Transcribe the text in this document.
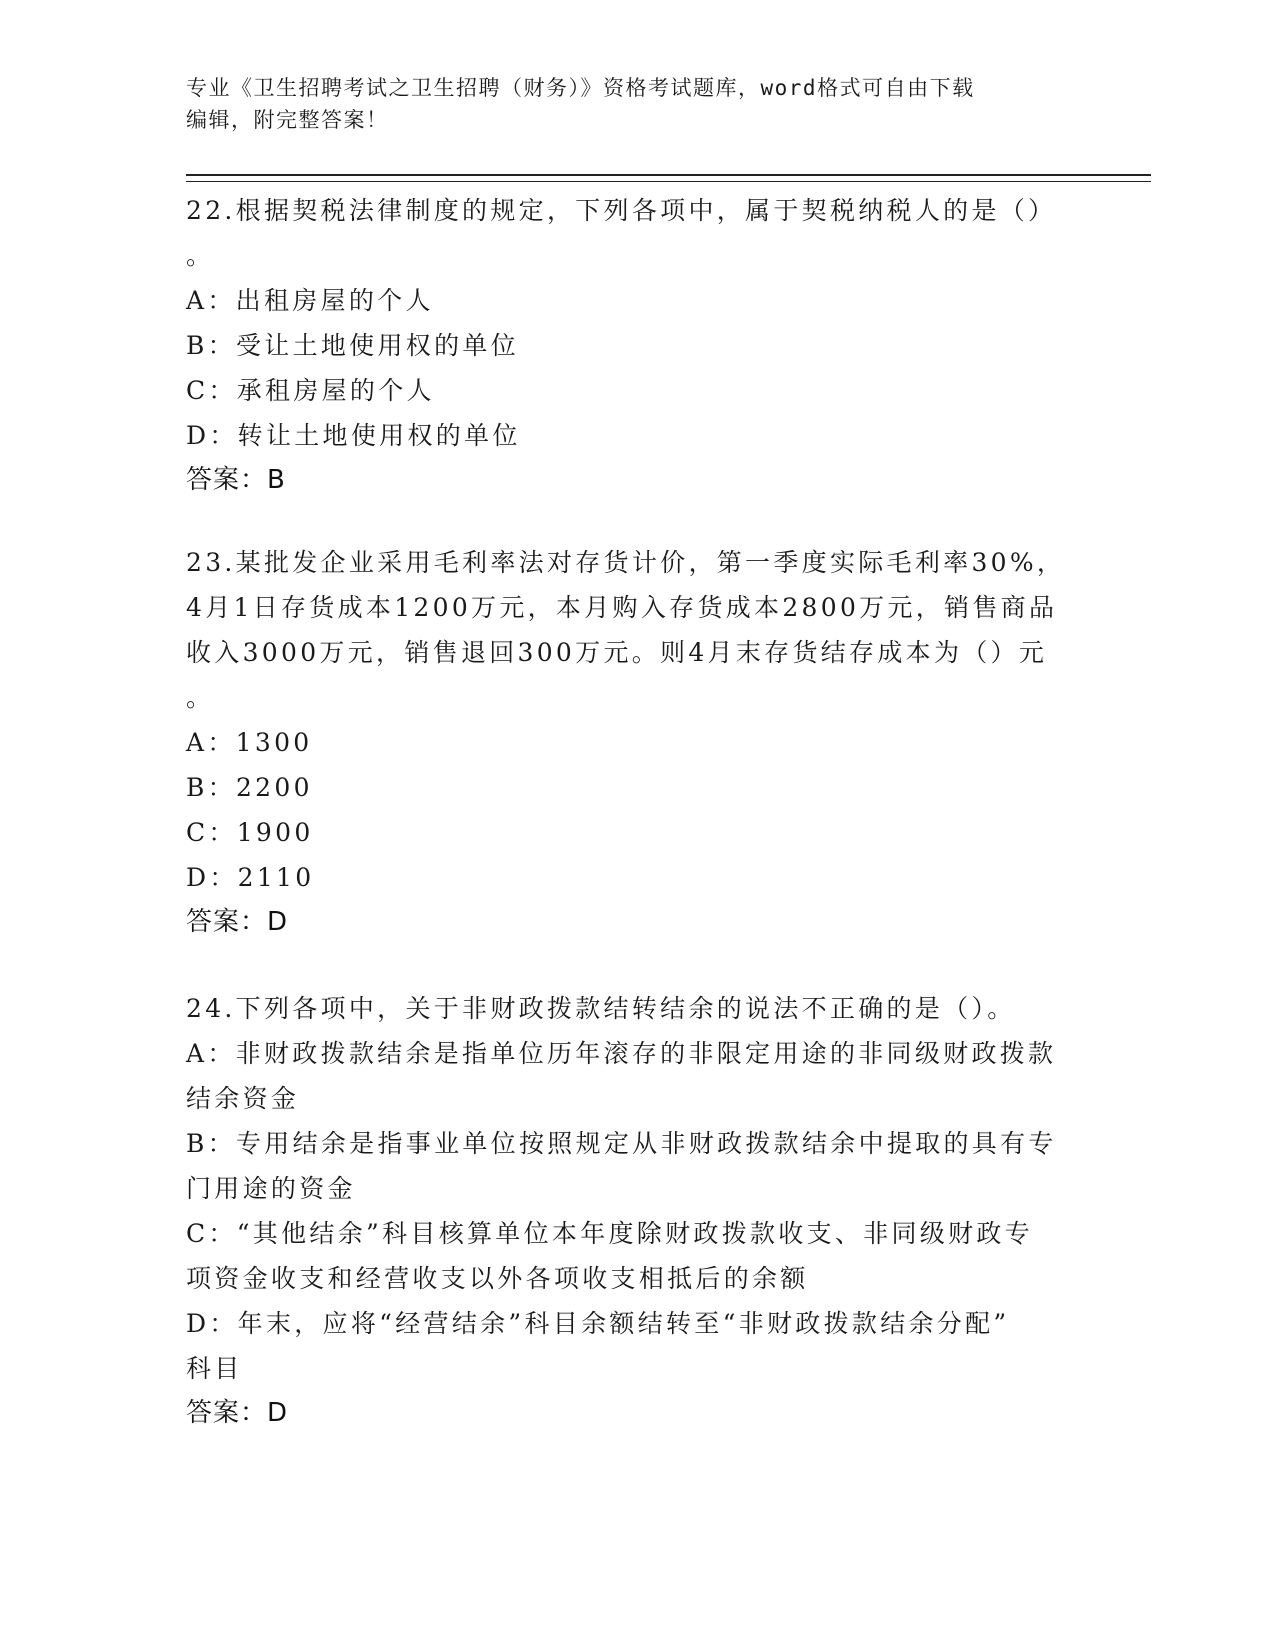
专业《卫生招聘考试之卫生招聘（财务）》资格考试题库，word格式可自由下载
编辑，附完整答案！
22.根据契税法律制度的规定，下列各项中，属于契税纳税人的是（）
。
A：出租房屋的个人
B：受让土地使用权的单位
C：承租房屋的个人
D：转让土地使用权的单位
答案：B
23.某批发企业采用毛利率法对存货计价，第一季度实际毛利率30%，
4月1日存货成本1200万元，本月购入存货成本2800万元，销售商品
收入3000万元，销售退回300万元。则4月末存货结存成本为（）元
。
A：1300
B：2200
C：1900
D：2110
答案：D
24.下列各项中，关于非财政拨款结转结余的说法不正确的是（）。
A：非财政拨款结余是指单位历年滚存的非限定用途的非同级财政拨款
结余资金
B：专用结余是指事业单位按照规定从非财政拨款结余中提取的具有专
门用途的资金
C：“其他结余”科目核算单位本年度除财政拨款收支、非同级财政专
项资金收支和经营收支以外各项收支相抵后的余额
D：年末，应将“经营结余”科目余额结转至“非财政拨款结余分配”
科目
答案：D
